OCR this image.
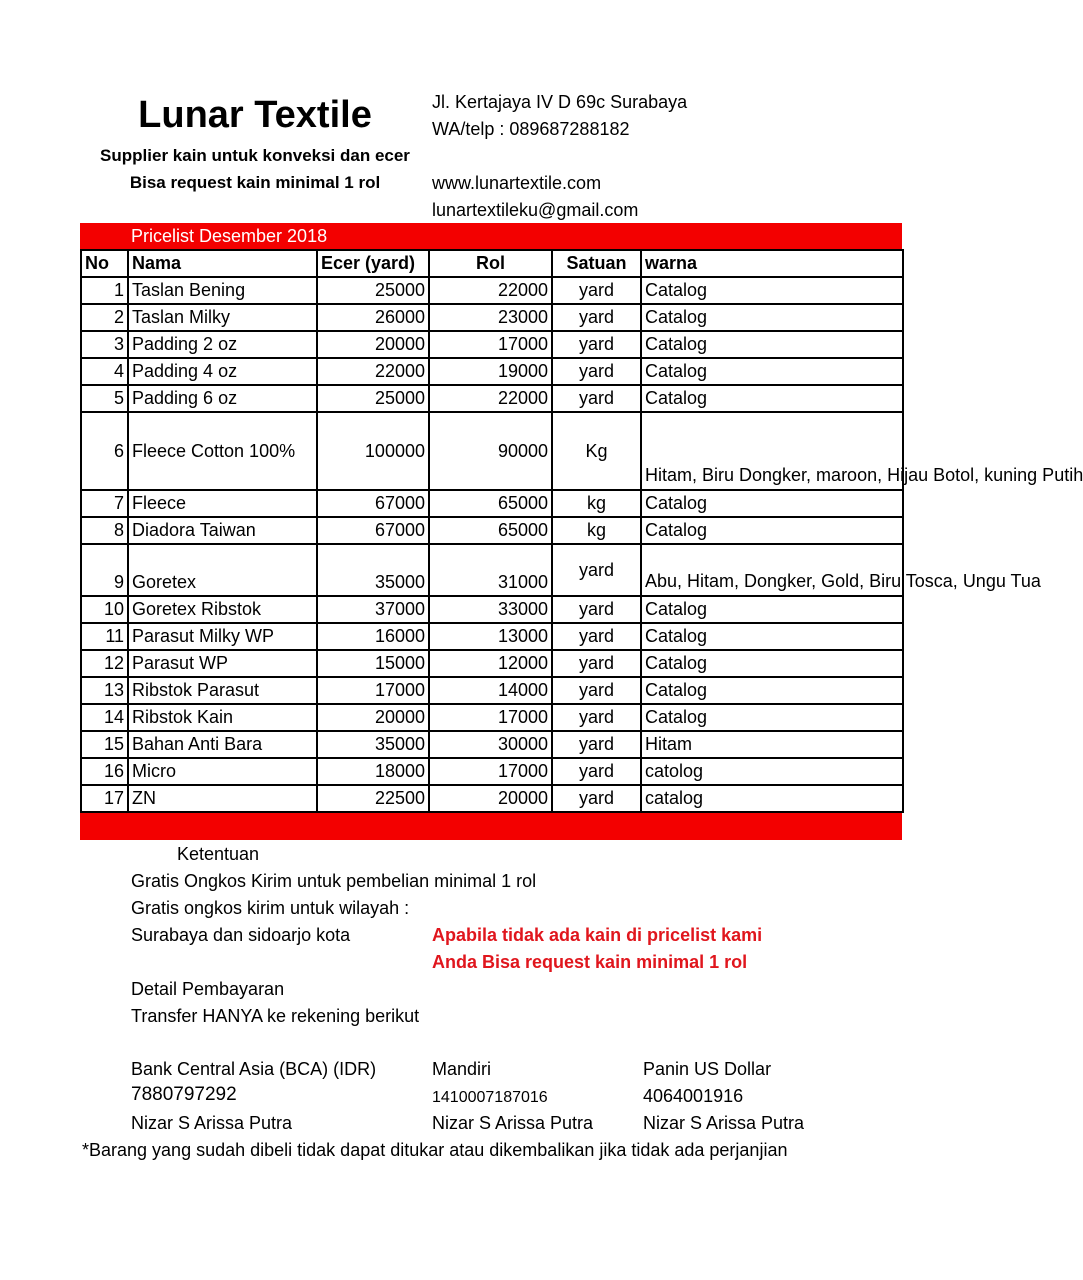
Lunar Textile
Supplier kain untuk konveksi dan ecer
Bisa request kain minimal 1 rol
Jl. Kertajaya IV D 69c Surabaya
WA/telp : 089687288182
www.lunartextile.com
lunartextileku@gmail.com
Pricelist Desember 2018
No	Nama	Ecer (yard)	Rol	Satuan	warna
1	Taslan Bening	25000	22000	yard	Catalog
2	Taslan Milky	26000	23000	yard	Catalog
3	Padding 2 oz	20000	17000	yard	Catalog
4	Padding 4 oz	22000	19000	yard	Catalog
5	Padding 6 oz	25000	22000	yard	Catalog
6	Fleece Cotton 100%	100000	90000	Kg	Hitam, Biru Dongker, maroon, Hijau Botol, kuning Putih
7	Fleece	67000	65000	kg	Catalog
8	Diadora Taiwan	67000	65000	kg	Catalog
9	Goretex	35000	31000	yard	Abu, Hitam, Dongker, Gold, Biru Tosca, Ungu Tua
10	Goretex Ribstok	37000	33000	yard	Catalog
11	Parasut Milky WP	16000	13000	yard	Catalog
12	Parasut WP	15000	12000	yard	Catalog
13	Ribstok Parasut	17000	14000	yard	Catalog
14	Ribstok Kain	20000	17000	yard	Catalog
15	Bahan Anti Bara	35000	30000	yard	Hitam
16	Micro	18000	17000	yard	catolog
17	ZN	22500	20000	yard	catalog
Ketentuan
Gratis Ongkos Kirim untuk pembelian minimal 1 rol
Gratis ongkos kirim untuk wilayah :
Surabaya dan sidoarjo kota	Apabila tidak ada kain di pricelist kami
Anda Bisa request kain minimal 1 rol
Detail Pembayaran
Transfer HANYA ke rekening berikut
Bank Central Asia (BCA) (IDR)
7880797292
Nizar S Arissa Putra
Mandiri
1410007187016
Nizar S Arissa Putra
Panin US Dollar
4064001916
Nizar S Arissa Putra
*Barang yang sudah dibeli tidak dapat ditukar atau dikembalikan jika tidak ada perjanjian
